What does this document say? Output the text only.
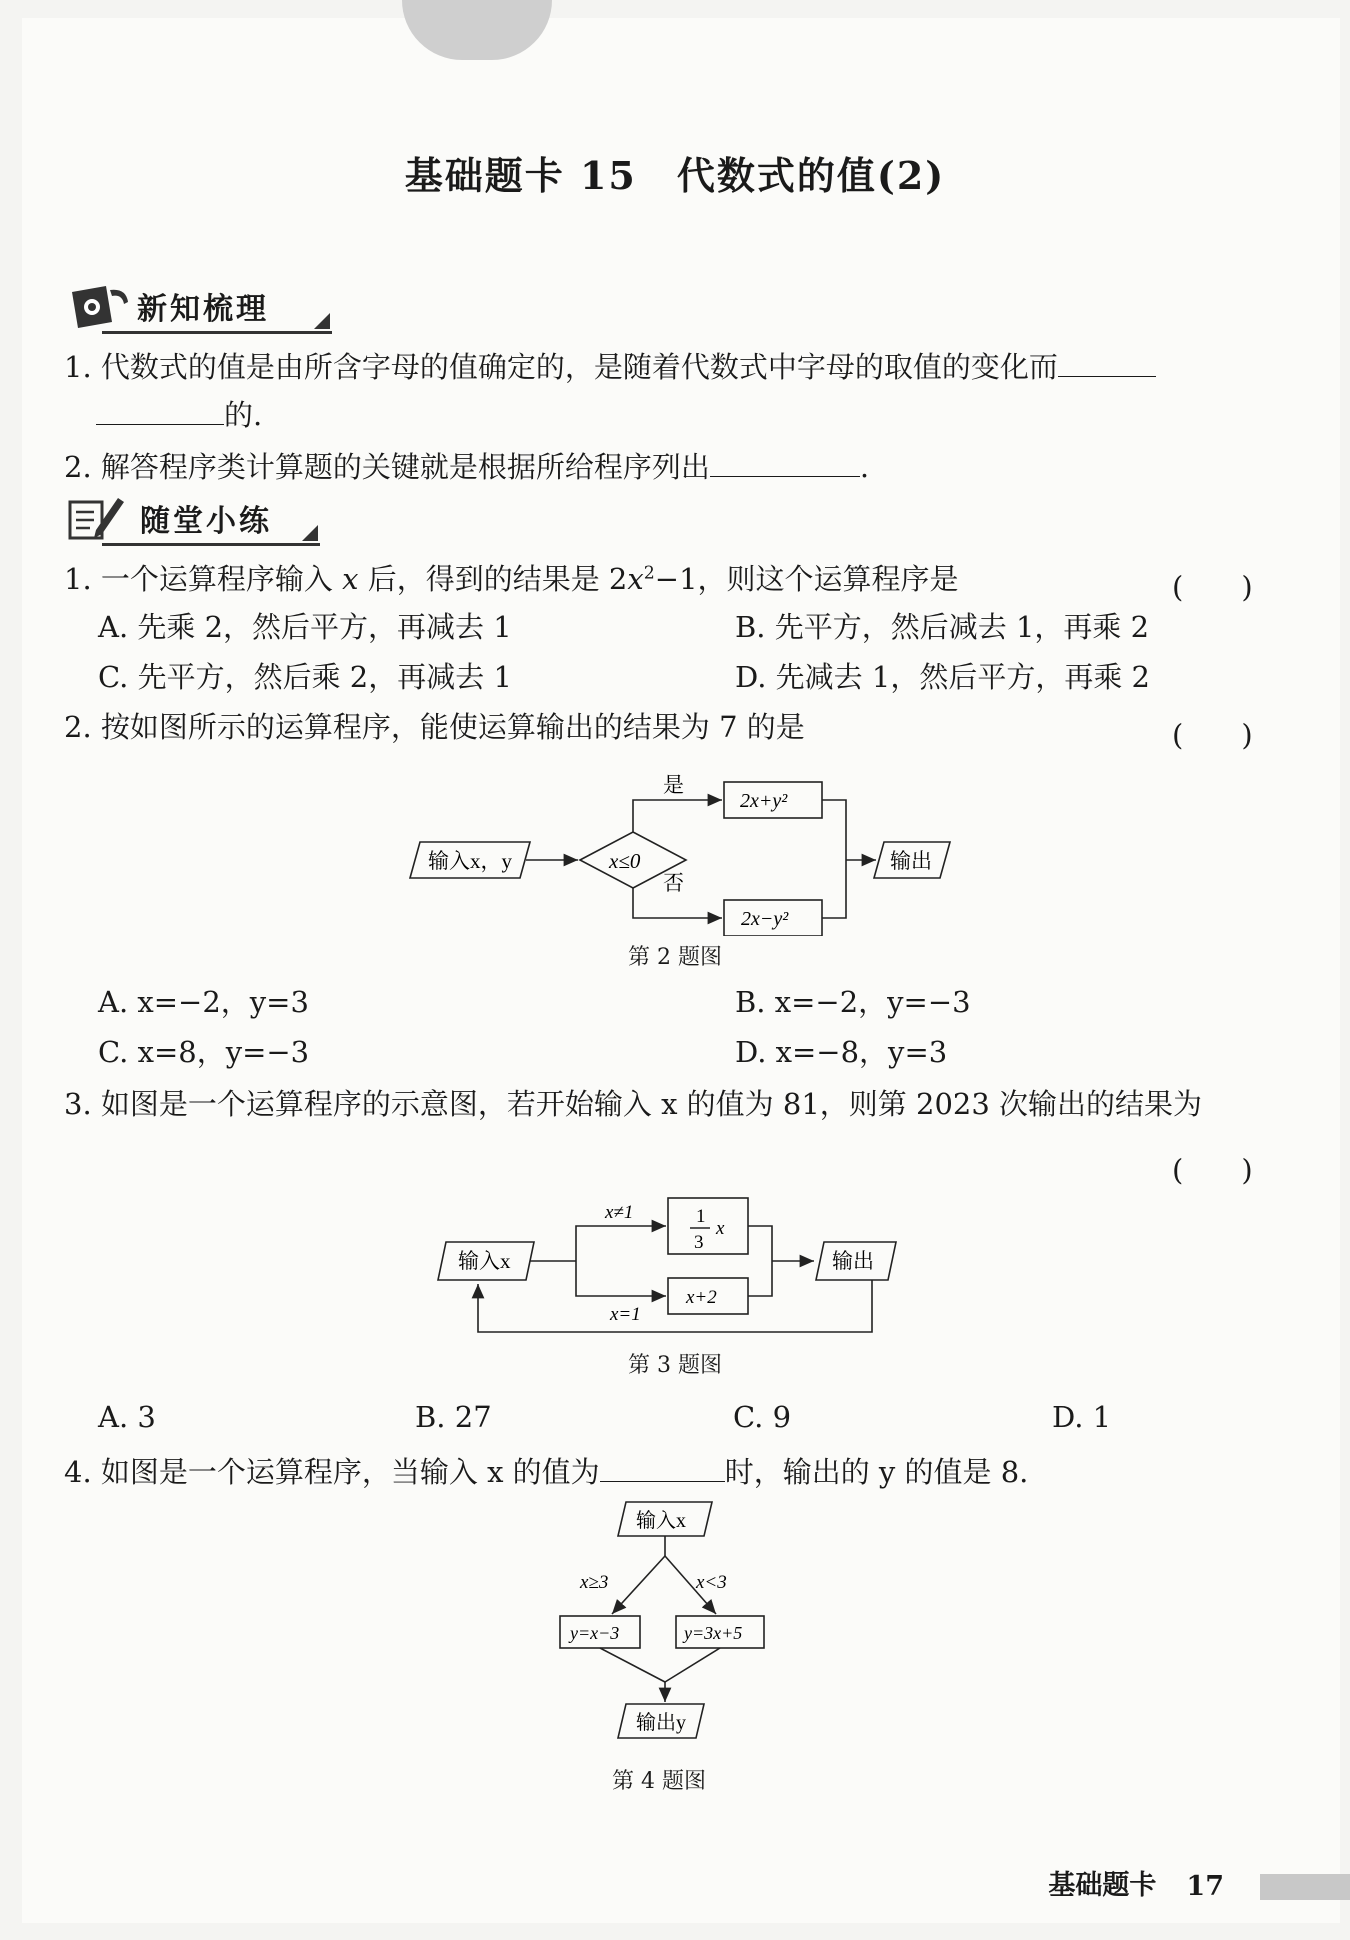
基础题卡 15　代数式的值(2)
新知梳理
1. 代数式的值是由所含字母的值确定的，是随着代数式中字母的取值的变化而
的.
2. 解答程序类计算题的关键就是根据所给程序列出	.
随堂小练
1. 一个运算程序输入 x 后，得到的结果是 $2x^2-1$，则这个运算程序是	(　　)
A. 先乘 2，然后平方，再减去 1	B. 先平方，然后减去 1，再乘 2
C. 先平方，然后乘 2，再减去 1	D. 先减去 1，然后平方，再乘 2
2. 按如图所示的运算程序，能使运算输出的结果为 7 的是	(　　)
输入x，y	x≤0
是
否
2x+y²
2x−y²
输出
第 2 题图
A. x=−2，y=3	B. x=−2，y=−3
C. x=8，y=−3	D. x=−8，y=3
3. 如图是一个运算程序的示意图，若开始输入 x 的值为 81，则第 2023 次输出的结果为
(　　)
输入x
x≠1
x=1
1
3
x
x+2
输出
第 3 题图
A. 3	B. 27	C. 9	D. 1
4. 如图是一个运算程序，当输入 x 的值为	时，输出的 y 的值是 8.
输入x
x≥3	x<3
y=x−3	y=3x+5
输出y
第 4 题图
基础题卡 17
